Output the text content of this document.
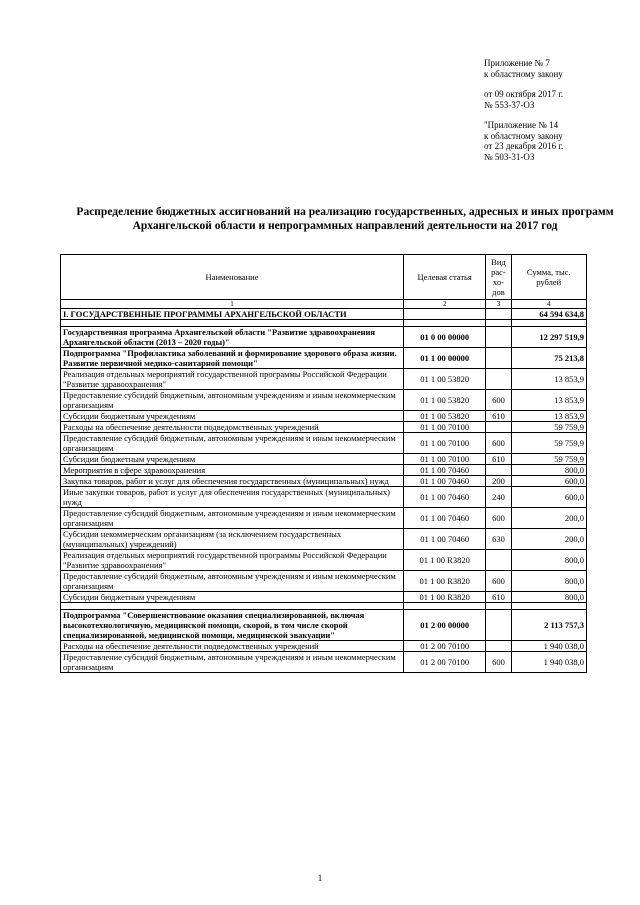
Приложение № 7
к областному закону
от 09 октября 2017 г.
№ 553-37-ОЗ
"Приложение № 14
к областному закону
от 23 декабря 2016 г.
№ 503-31-ОЗ
Распределение бюджетных ассигнований на реализацию государственных, адресных и иных программ Архангельской области и непрограммных направлений деятельности на 2017 год
Наименование	Целевая статья	Вид рас-хо-дов	Сумма, тыс. рублей
1	2	3	4
I. ГОСУДАРСТВЕННЫЕ ПРОГРАММЫ АРХАНГЕЛЬСКОЙ ОБЛАСТИ			64 594 634,8

Государственная программа Архангельской области "Развитие здравоохранения Архангельской области (2013 – 2020 годы)"	01 0 00 00000		12 297 519,9
Подпрограмма "Профилактика заболеваний и формирование здорового образа жизни. Развитие первичной медико-санитарной помощи"	01 1 00 00000		75 213,8
Реализация отдельных мероприятий государственной программы Российской Федерации "Развитие здравоохранения"	01 1 00 53820		13 853,9
Предоставление субсидий бюджетным, автономным учреждениям и иным некоммерческим организациям	01 1 00 53820	600	13 853,9
Субсидии бюджетным учреждениям	01 1 00 53820	610	13 853,9
Расходы на обеспечение деятельности подведомственных учреждений	01 1 00 70100		59 759,9
Предоставление субсидий бюджетным, автономным учреждениям и иным некоммерческим организациям	01 1 00 70100	600	59 759,9
Субсидии бюджетным учреждениям	01 1 00 70100	610	59 759,9
Мероприятия в сфере здравоохранения	01 1 00 70460		800,0
Закупка товаров, работ и услуг для обеспечения государственных (муниципальных) нужд	01 1 00 70460	200	600,0
Иные закупки товаров, работ и услуг для обеспечения государственных (муниципальных) нужд	01 1 00 70460	240	600,0
Предоставление субсидий бюджетным, автономным учреждениям и иным некоммерческим организациям	01 1 00 70460	600	200,0
Субсидии некоммерческим организациям (за исключением государственных (муниципальных) учреждений)	01 1 00 70460	630	200,0
Реализация отдельных мероприятий государственной программы Российской Федерации "Развитие здравоохранения"	01 1 00 R3820		800,0
Предоставление субсидий бюджетным, автономным учреждениям и иным некоммерческим организациям	01 1 00 R3820	600	800,0
Субсидии бюджетным учреждениям	01 1 00 R3820	610	800,0

Подпрограмма "Совершенствование оказания специализированной, включая высокотехнологичную, медицинской помощи, скорой, в том числе скорой специализированной, медицинской помощи, медицинской эвакуации"	01 2 00 00000		2 113 757,3
Расходы на обеспечение деятельности подведомственных учреждений	01 2 00 70100		1 940 038,0
Предоставление субсидий бюджетным, автономным учреждениям и иным некоммерческим организациям	01 2 00 70100	600	1 940 038,0
1
